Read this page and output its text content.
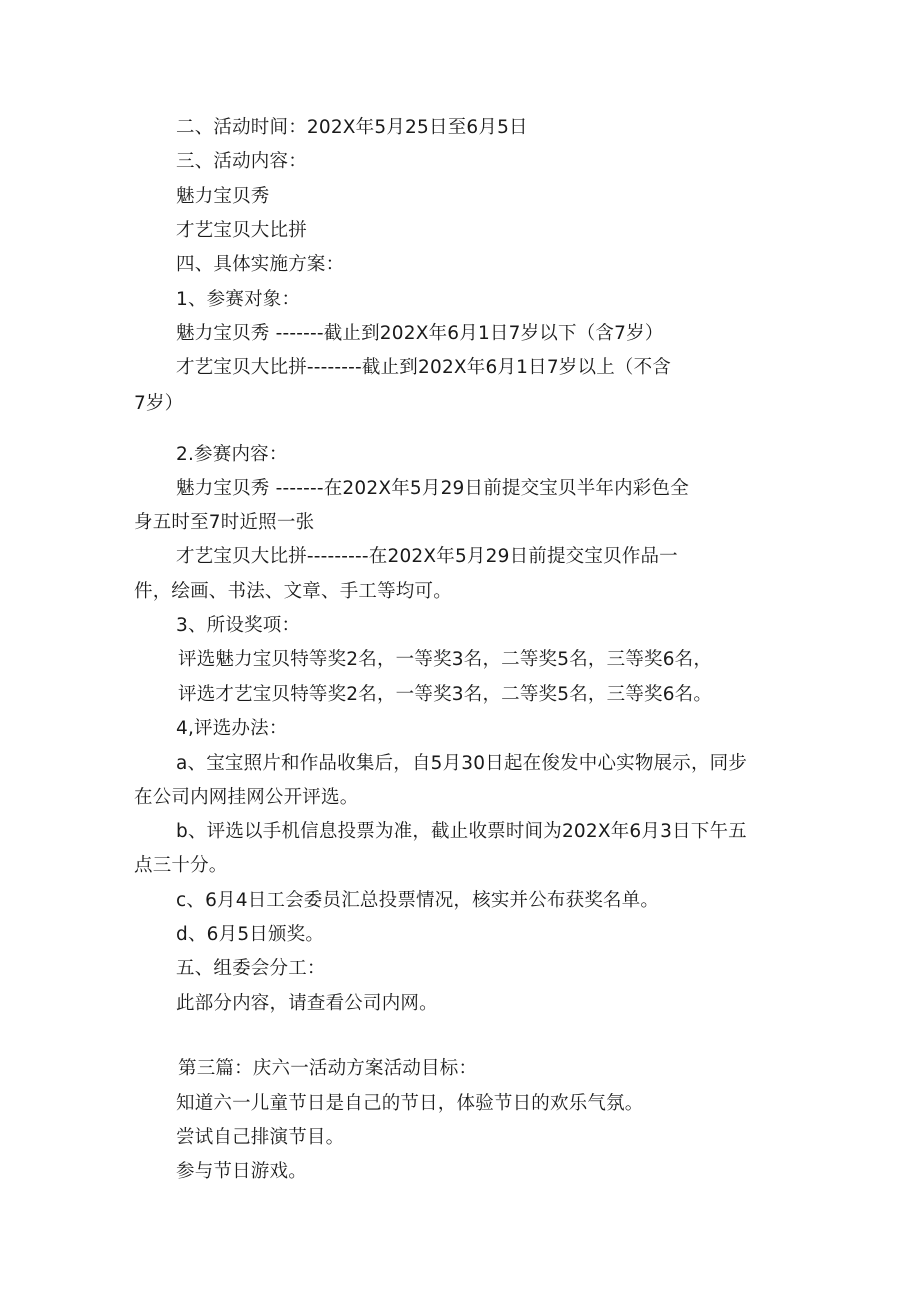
二、活动时间：202X年5月25日至6月5日
三、活动内容：
魅力宝贝秀
才艺宝贝大比拼
四、具体实施方案：
1、参赛对象：
魅力宝贝秀 -------截止到202X年6月1日7岁以下（含7岁）
才艺宝贝大比拼--------截止到202X年6月1日7岁以上（不含
7岁）
2.参赛内容：
魅力宝贝秀 -------在202X年5月29日前提交宝贝半年内彩色全
身五时至7时近照一张
才艺宝贝大比拼---------在202X年5月29日前提交宝贝作品一
件，绘画、书法、文章、手工等均可。
3、所设奖项：
评选魅力宝贝特等奖2名，一等奖3名，二等奖5名，三等奖6名，
评选才艺宝贝特等奖2名，一等奖3名，二等奖5名，三等奖6名。
4,评选办法：
a、宝宝照片和作品收集后，自5月30日起在俊发中心实物展示，同步
在公司内网挂网公开评选。
b、评选以手机信息投票为准，截止收票时间为202X年6月3日下午五
点三十分。
c、6月4日工会委员汇总投票情况，核实并公布获奖名单。
d、6月5日颁奖。
五、组委会分工：
此部分内容，请查看公司内网。
第三篇：庆六一活动方案活动目标：
知道六一儿童节日是自己的节日，体验节日的欢乐气氛。
尝试自己排演节目。
参与节日游戏。
